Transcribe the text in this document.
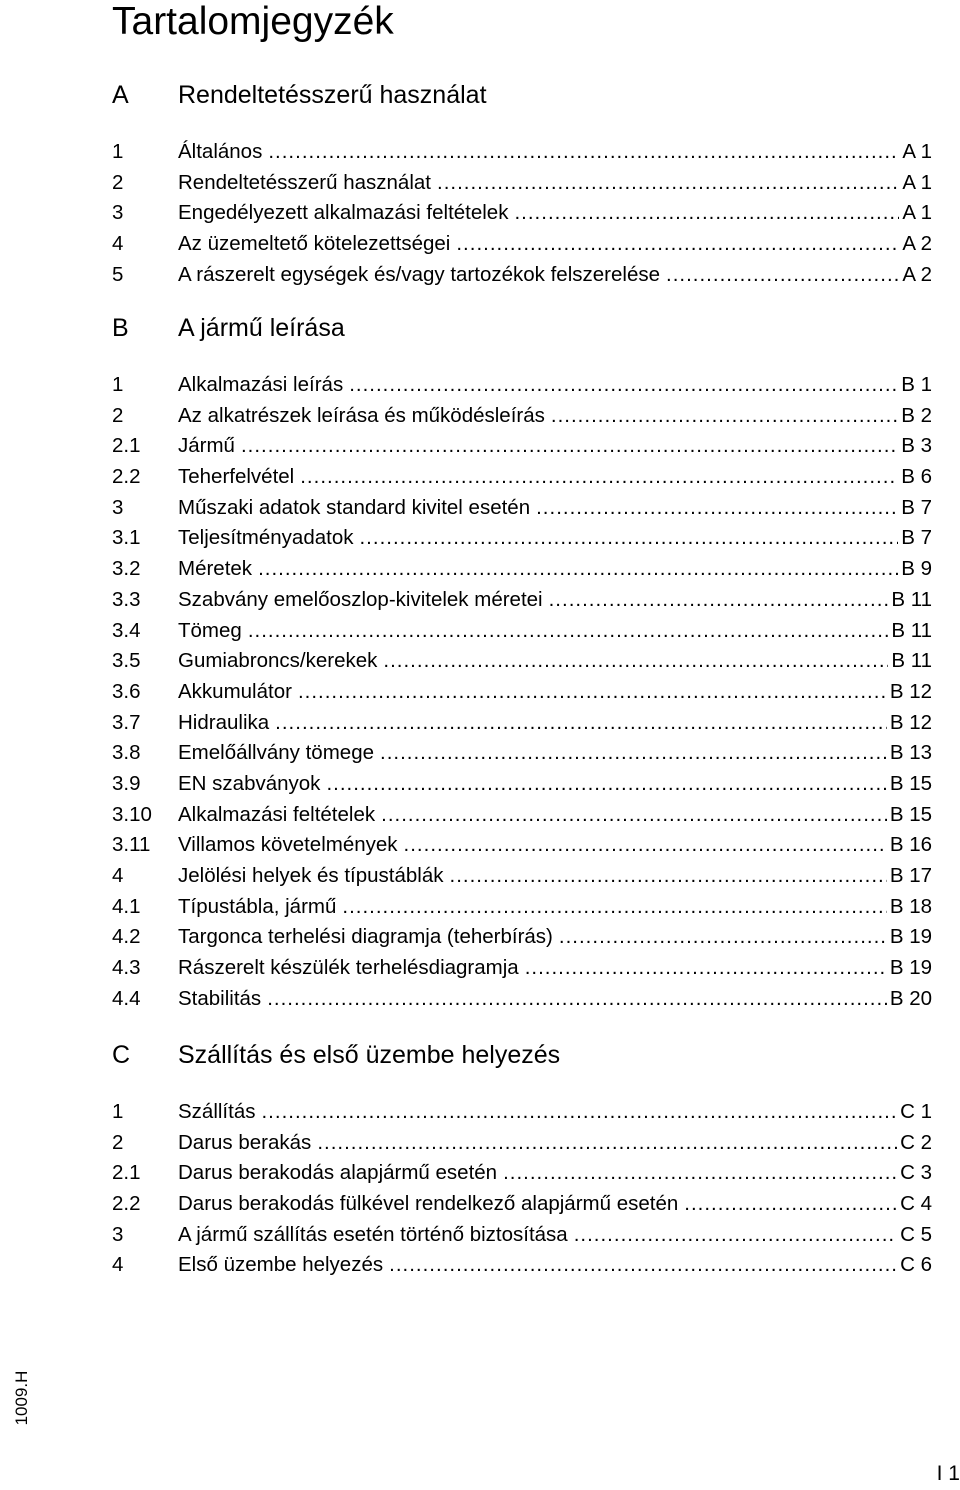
Tartalomjegyzék
A	Rendeltetésszerű használat
1	Általános .....	A 1
2	Rendeltetésszerű használat .....	A 1
3	Engedélyezett alkalmazási feltételek .....	A 1
4	Az üzemeltető kötelezettségei .....	A 2
5	A rászerelt egységek és/vagy tartozékok felszerelése .....	A 2
B	A jármű leírása
1	Alkalmazási leírás .....	B 1
2	Az alkatrészek leírása és működésleírás .....	B 2
2.1	Jármű .....	B 3
2.2	Teherfelvétel .....	B 6
3	Műszaki adatok standard kivitel esetén .....	B 7
3.1	Teljesítményadatok .....	B 7
3.2	Méretek .....	B 9
3.3	Szabvány emelőoszlop-kivitelek méretei .....	B 11
3.4	Tömeg .....	B 11
3.5	Gumiabroncs/kerekek .....	B 11
3.6	Akkumulátor .....	B 12
3.7	Hidraulika .....	B 12
3.8	Emelőállvány tömege .....	B 13
3.9	EN szabványok .....	B 15
3.10	Alkalmazási feltételek .....	B 15
3.11	Villamos követelmények .....	B 16
4	Jelölési helyek és típustáblák .....	B 17
4.1	Típustábla, jármű .....	B 18
4.2	Targonca terhelési diagramja (teherbírás) .....	B 19
4.3	Rászerelt készülék terhelésdiagramja .....	B 19
4.4	Stabilitás .....	B 20
C	Szállítás és első üzembe helyezés
1	Szállítás .....	C 1
2	Darus berakás .....	C 2
2.1	Darus berakodás alapjármű esetén .....	C 3
2.2	Darus berakodás fülkével rendelkező alapjármű esetén .....	C 4
3	A jármű szállítás esetén történő biztosítása .....	C 5
4	Első üzembe helyezés .....	C 6
1009.H
I 1
